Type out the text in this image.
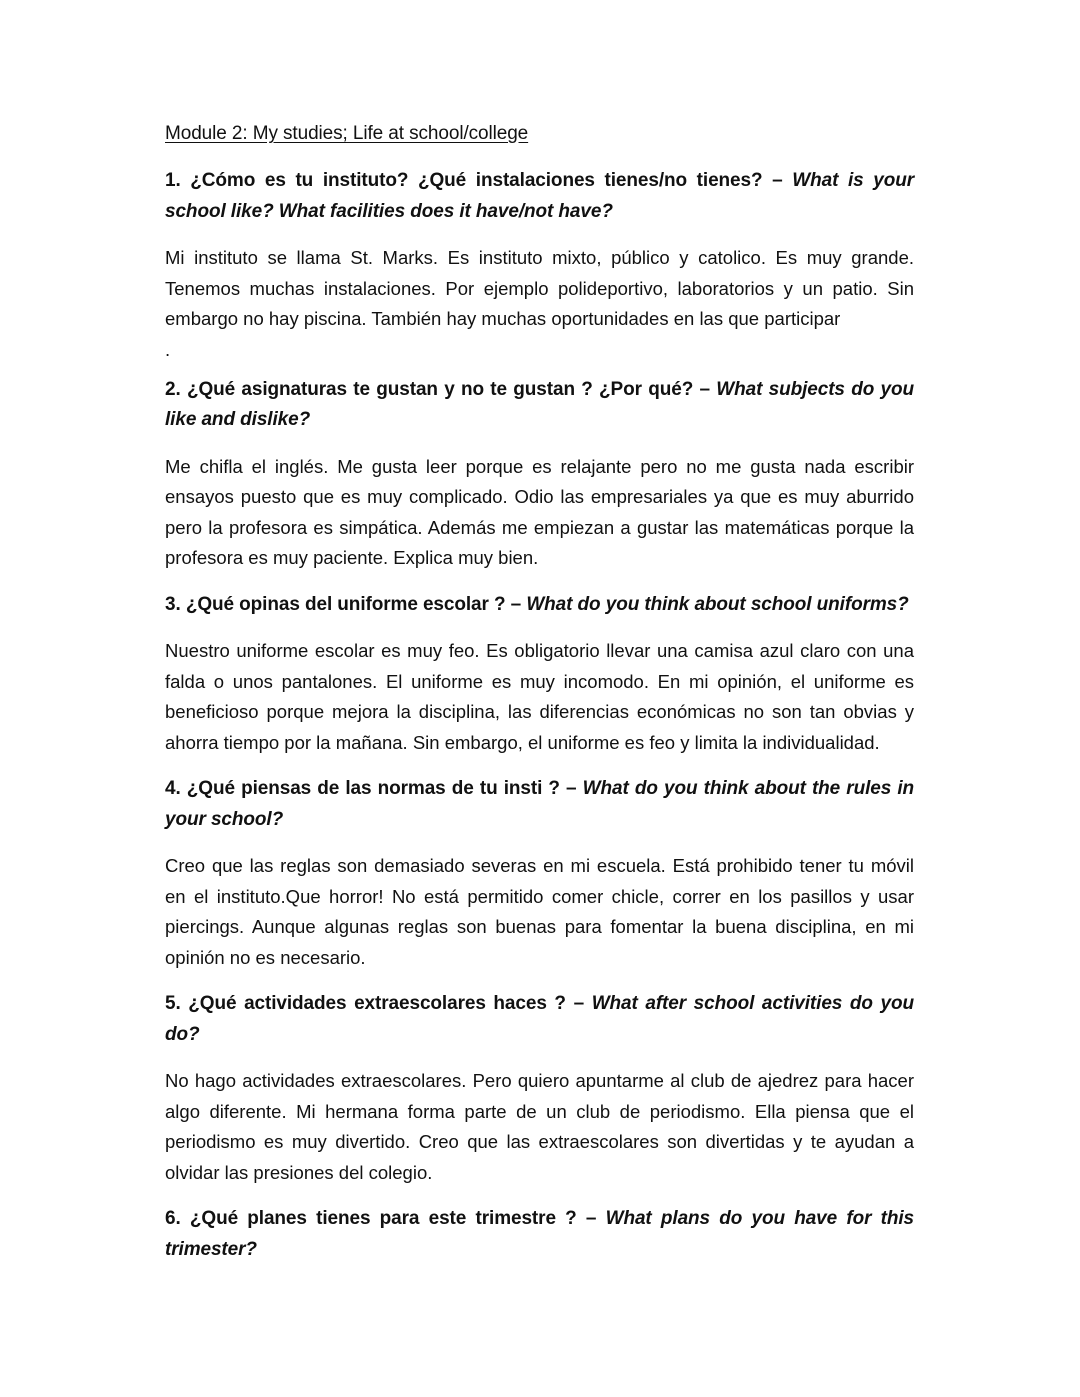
Module 2: My studies; Life at school/college
1. ¿Cómo es tu instituto? ¿Qué instalaciones tienes/no tienes? – What is your school like? What facilities does it have/not have?
Mi instituto se llama St. Marks. Es instituto mixto, público y catolico. Es muy grande. Tenemos muchas instalaciones. Por ejemplo polideportivo, laboratorios y un patio. Sin embargo no hay piscina. También hay muchas oportunidades en las que participar
.
2. ¿Qué asignaturas te gustan y no te gustan ? ¿Por qué? – What subjects do you like and dislike?
Me chifla el inglés. Me gusta leer porque es relajante pero no me gusta nada escribir ensayos puesto que es muy complicado. Odio las empresariales ya que es muy aburrido pero la profesora es simpática. Además me empiezan a gustar las matemáticas porque la profesora es muy paciente. Explica muy bien.
3. ¿Qué opinas del uniforme escolar ? – What do you think about school uniforms?
Nuestro uniforme escolar es muy feo. Es obligatorio llevar una camisa azul claro con una falda o unos pantalones. El uniforme es muy incomodo. En mi opinión, el uniforme es beneficioso porque mejora la disciplina, las diferencias económicas no son tan obvias y ahorra tiempo por la mañana. Sin embargo, el uniforme es feo y limita la individualidad.
4. ¿Qué piensas de las normas de tu insti ? – What do you think about the rules in your school?
Creo que las reglas son demasiado severas en mi escuela. Está prohibido tener tu móvil en el instituto.Que horror! No está permitido comer chicle, correr en los pasillos y usar piercings. Aunque algunas reglas son buenas para fomentar la buena disciplina, en mi opinión no es necesario.
5. ¿Qué actividades extraescolares haces ? – What after school activities do you do?
No hago actividades extraescolares. Pero quiero apuntarme al club de ajedrez para hacer algo diferente. Mi hermana forma parte de un club de periodismo. Ella piensa que el periodismo es muy divertido. Creo que las extraescolares son divertidas y te ayudan a olvidar las presiones del colegio.
6. ¿Qué planes tienes para este trimestre ? – What plans do you have for this trimester?
